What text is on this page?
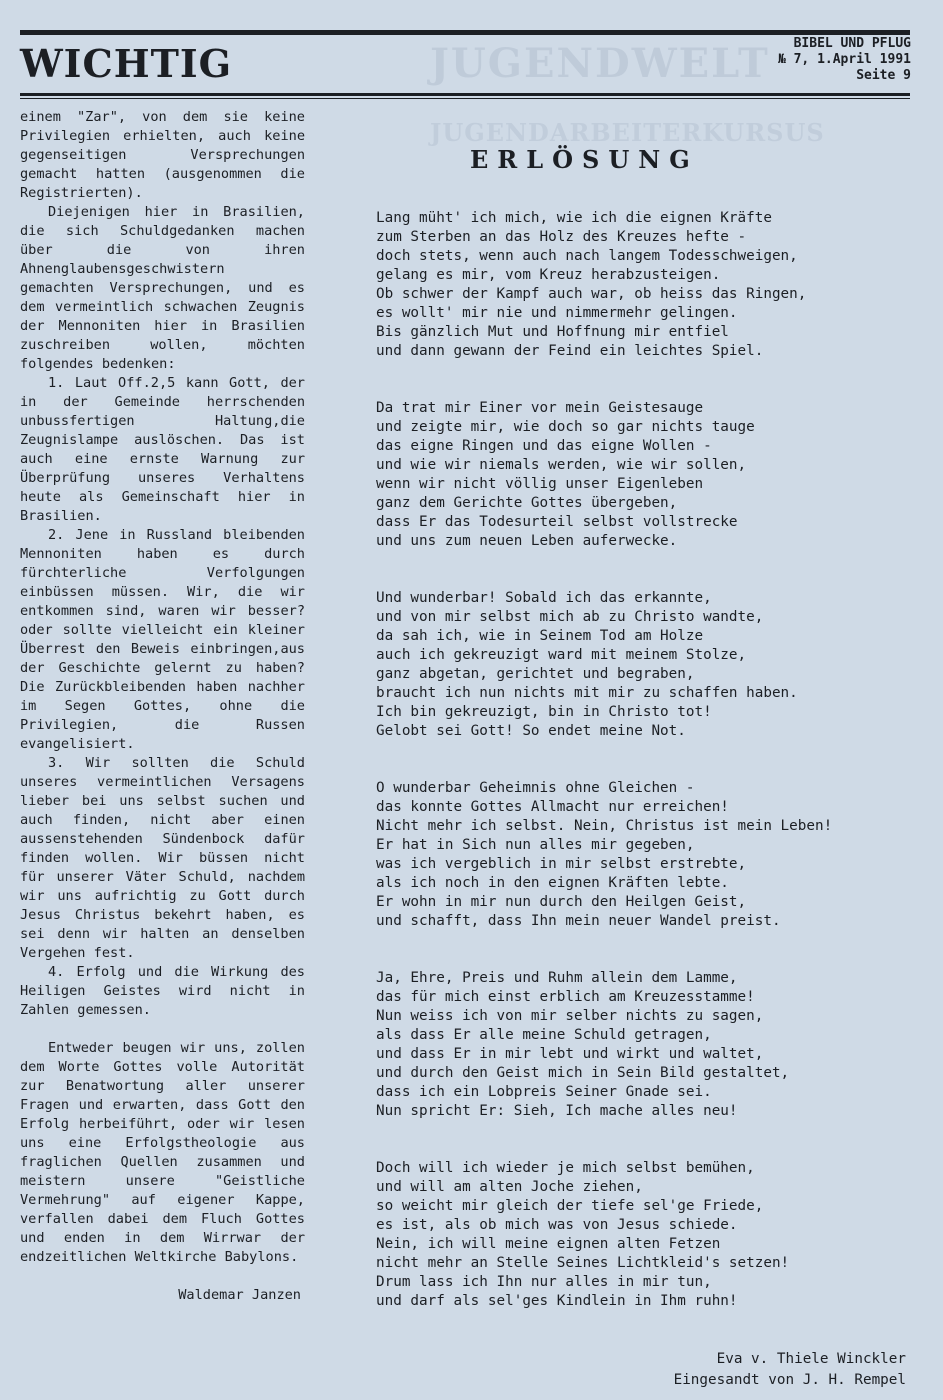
JUGENDWELT
JUGENDARBEITERKURSUS
WICHTIG	BIBEL UND PFLUG
№ 7, 1.April 1991
Seite 9

einem "Zar", von dem sie keine Privilegien erhielten, auch keine gegenseitigen Versprechungen gemacht hatten (ausgenommen die Registrierten).

Diejenigen hier in Brasilien, die sich Schuldgedanken machen über die von ihren Ahnenglaubensgeschwistern gemachten Versprechungen, und es dem vermeintlich schwachen Zeugnis der Mennoniten hier in Brasilien zuschreiben wollen, möchten folgendes bedenken:

1. Laut Off.2,5 kann Gott, der in der Gemeinde herrschenden unbussfertigen Haltung,die Zeugnislampe auslöschen. Das ist auch eine ernste Warnung zur Überprüfung unseres Verhaltens heute als Gemeinschaft hier in Brasilien.

2. Jene in Russland bleibenden Mennoniten haben es durch fürchterliche Verfolgungen einbüssen müssen. Wir, die wir entkommen sind, waren wir besser? oder sollte vielleicht ein kleiner Überrest den Beweis einbringen,aus der Geschichte gelernt zu haben? Die Zurückbleibenden haben nachher im Segen Gottes, ohne die Privilegien, die Russen evangelisiert.

3. Wir sollten die Schuld unseres vermeintlichen Versagens lieber bei uns selbst suchen und auch finden, nicht aber einen aussenstehenden Sündenbock dafür finden wollen. Wir büssen nicht für unserer Väter Schuld, nachdem wir uns aufrichtig zu Gott durch Jesus Christus bekehrt haben, es sei denn wir halten an denselben Vergehen fest.

4. Erfolg und die Wirkung des Heiligen Geistes wird nicht in Zahlen gemessen.

Entweder beugen wir uns, zollen dem Worte Gottes volle Autorität zur Benatwortung aller unserer Fragen und erwarten, dass Gott den Erfolg herbeiführt, oder wir lesen uns eine Erfolgstheologie aus fraglichen Quellen zusammen und meistern unsere "Geistliche Vermehrung" auf eigener Kappe, verfallen dabei dem Fluch Gottes und enden in dem Wirrwar der endzeitlichen Weltkirche Babylons.

Waldemar Janzen

ERLÖSUNG
Lang müht' ich mich, wie ich die eignen Kräfte
zum Sterben an das Holz des Kreuzes hefte -
doch stets, wenn auch nach langem Todesschweigen,
gelang es mir, vom Kreuz herabzusteigen.
Ob schwer der Kampf auch war, ob heiss das Ringen,
es wollt' mir nie und nimmermehr gelingen.
Bis gänzlich Mut und Hoffnung mir entfiel
und dann gewann der Feind ein leichtes Spiel.
Da trat mir Einer vor mein Geistesauge
und zeigte mir, wie doch so gar nichts tauge
das eigne Ringen und das eigne Wollen -
und wie wir niemals werden, wie wir sollen,
wenn wir nicht völlig unser Eigenleben
ganz dem Gerichte Gottes übergeben,
dass Er das Todesurteil selbst vollstrecke
und uns zum neuen Leben auferwecke.
Und wunderbar! Sobald ich das erkannte,
und von mir selbst mich ab zu Christo wandte,
da sah ich, wie in Seinem Tod am Holze
auch ich gekreuzigt ward mit meinem Stolze,
ganz abgetan, gerichtet und begraben,
braucht ich nun nichts mit mir zu schaffen haben.
Ich bin gekreuzigt, bin in Christo tot!
Gelobt sei Gott! So endet meine Not.
O wunderbar Geheimnis ohne Gleichen -
das konnte Gottes Allmacht nur erreichen!
Nicht mehr ich selbst. Nein, Christus ist mein Leben!
Er hat in Sich nun alles mir gegeben,
was ich vergeblich in mir selbst erstrebte,
als ich noch in den eignen Kräften lebte.
Er wohn in mir nun durch den Heilgen Geist,
und schafft, dass Ihn mein neuer Wandel preist.
Ja, Ehre, Preis und Ruhm allein dem Lamme,
das für mich einst erblich am Kreuzesstamme!
Nun weiss ich von mir selber nichts zu sagen,
als dass Er alle meine Schuld getragen,
und dass Er in mir lebt und wirkt und waltet,
und durch den Geist mich in Sein Bild gestaltet,
dass ich ein Lobpreis Seiner Gnade sei.
Nun spricht Er: Sieh, Ich mache alles neu!
Doch will ich wieder je mich selbst bemühen,
und will am alten Joche ziehen,
so weicht mir gleich der tiefe sel'ge Friede,
es ist, als ob mich was von Jesus schiede.
Nein, ich will meine eignen alten Fetzen
nicht mehr an Stelle Seines Lichtkleid's setzen!
Drum lass ich Ihn nur alles in mir tun,
und darf als sel'ges Kindlein in Ihm ruhn!
Eva v. Thiele Winckler
Eingesandt von J. H. Rempel
